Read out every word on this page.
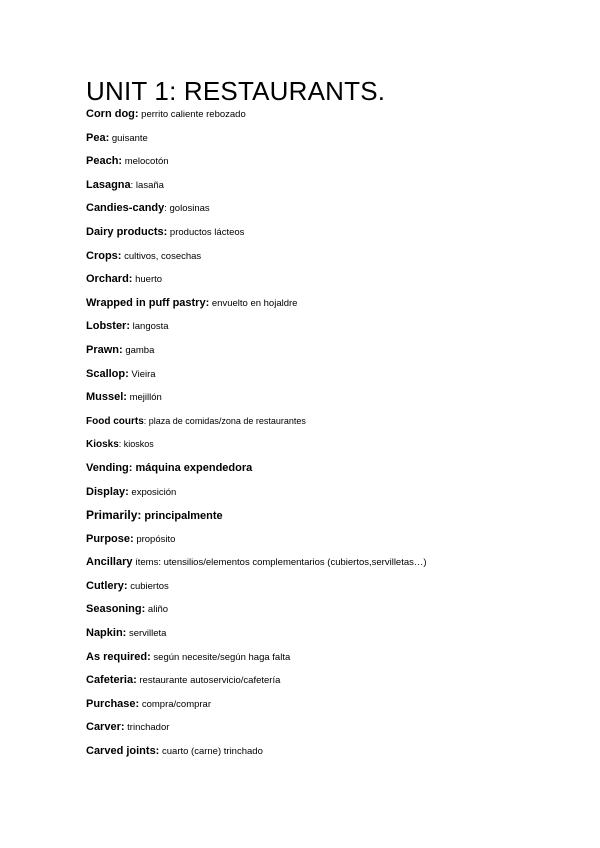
UNIT 1: RESTAURANTS.
Corn dog: perrito caliente rebozado
Pea: guisante
Peach: melocotón
Lasagna: lasaña
Candies-candy: golosinas
Dairy products: productos lácteos
Crops: cultivos, cosechas
Orchard: huerto
Wrapped in puff pastry: envuelto en hojaldre
Lobster: langosta
Prawn: gamba
Scallop: Vieira
Mussel: mejillón
Food courts: plaza de comidas/zona de restaurantes
Kiosks: kioskos
Vending: máquina expendedora
Display: exposición
Primarily: principalmente
Purpose: propósito
Ancillary ítems: utensilios/elementos complementarios (cubiertos,servilletas…)
Cutlery: cubiertos
Seasoning: aliño
Napkin: servilleta
As required: según necesite/según haga falta
Cafeteria: restaurante autoservicio/cafetería
Purchase: compra/comprar
Carver: trinchador
Carved joints: cuarto (carne) trinchado
